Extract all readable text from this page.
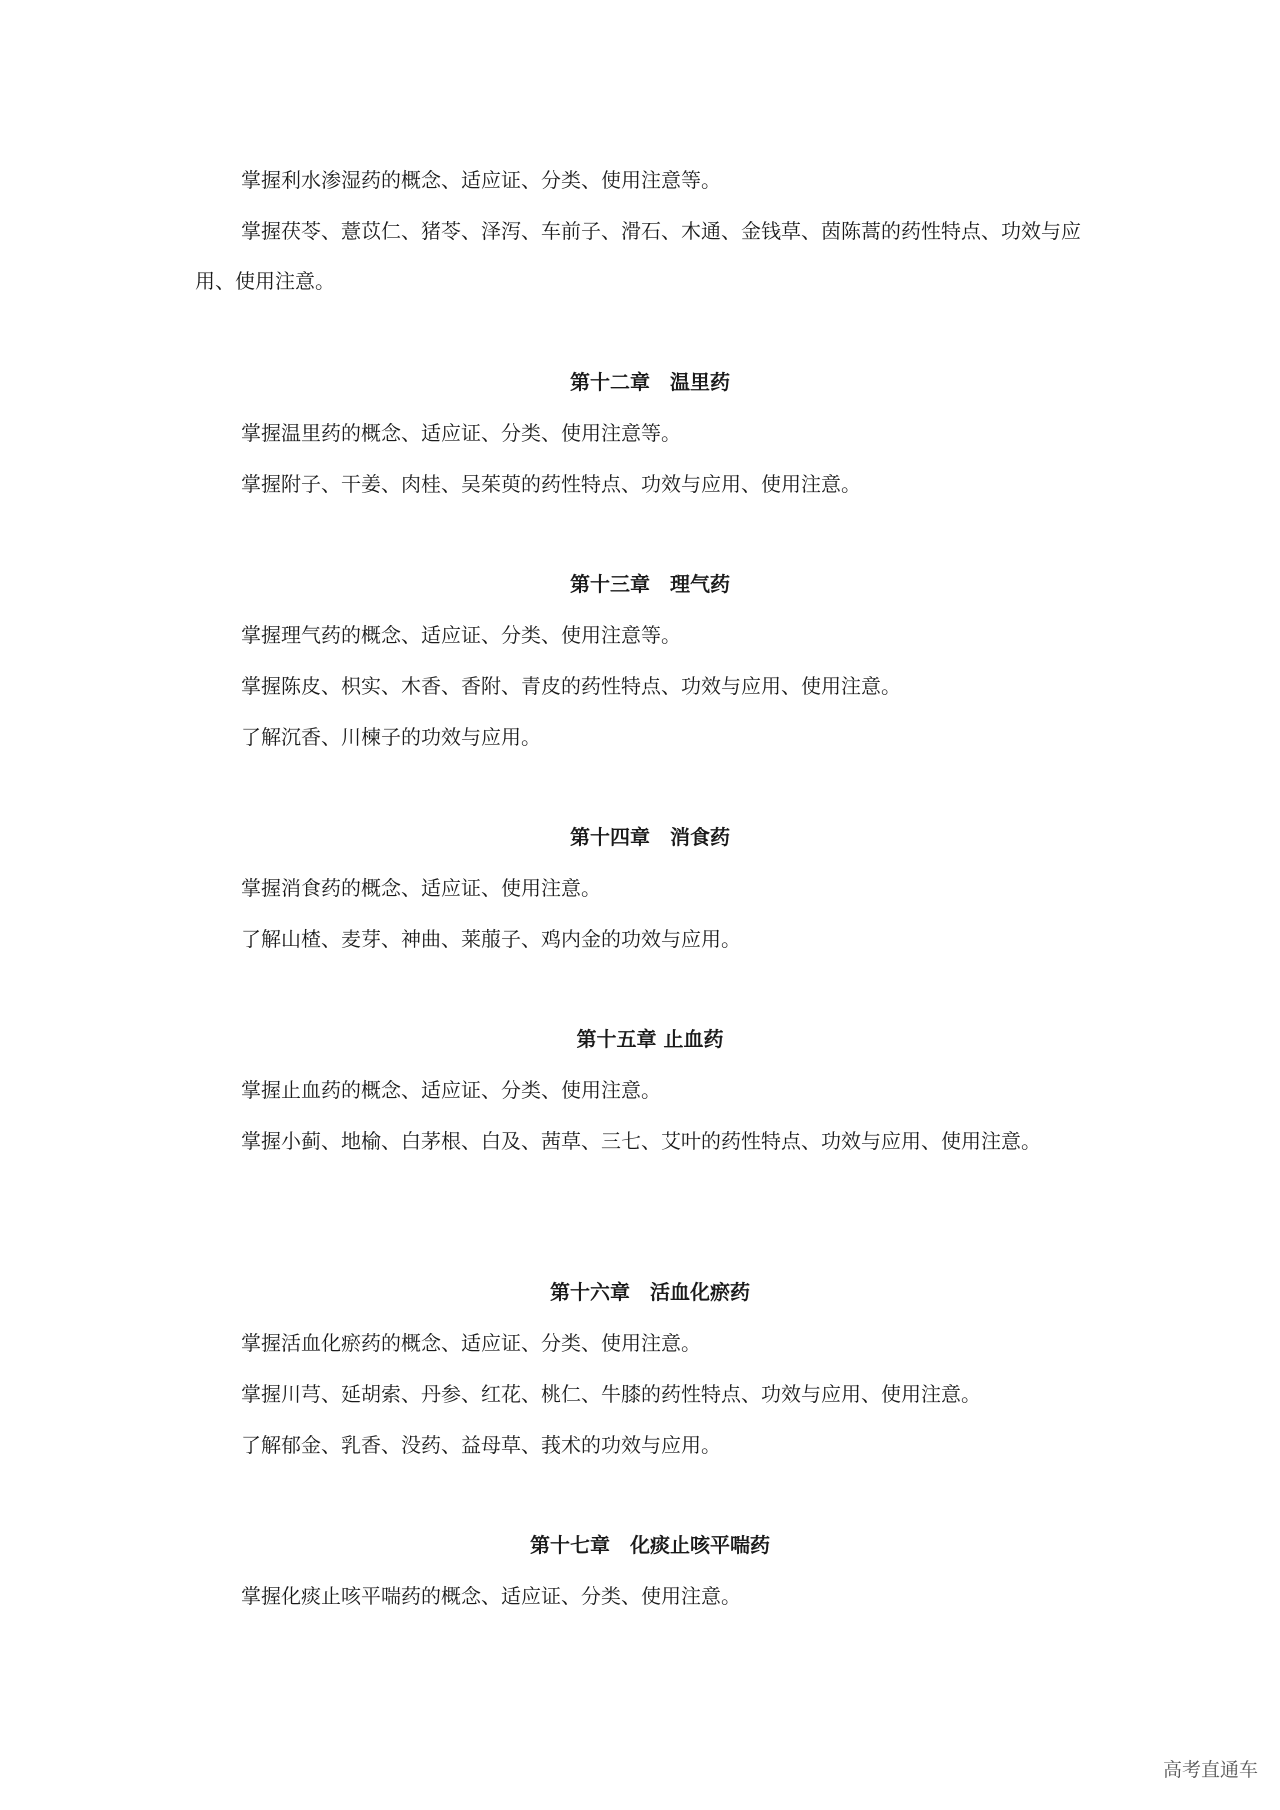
掌握利水渗湿药的概念、适应证、分类、使用注意等。

掌握茯苓、薏苡仁、猪苓、泽泻、车前子、滑石、木通、金钱草、茵陈蒿的药性特点、功效与应用、使用注意。

第十二章　温里药

掌握温里药的概念、适应证、分类、使用注意等。

掌握附子、干姜、肉桂、吴茱萸的药性特点、功效与应用、使用注意。

第十三章　理气药

掌握理气药的概念、适应证、分类、使用注意等。

掌握陈皮、枳实、木香、香附、青皮的药性特点、功效与应用、使用注意。

了解沉香、川楝子的功效与应用。

第十四章　消食药

掌握消食药的概念、适应证、使用注意。

了解山楂、麦芽、神曲、莱菔子、鸡内金的功效与应用。

第十五章 止血药

掌握止血药的概念、适应证、分类、使用注意。

掌握小蓟、地榆、白茅根、白及、茜草、三七、艾叶的药性特点、功效与应用、使用注意。

第十六章　活血化瘀药

掌握活血化瘀药的概念、适应证、分类、使用注意。

掌握川芎、延胡索、丹参、红花、桃仁、牛膝的药性特点、功效与应用、使用注意。

了解郁金、乳香、没药、益母草、莪术的功效与应用。

第十七章　化痰止咳平喘药

掌握化痰止咳平喘药的概念、适应证、分类、使用注意。

高考直通车
